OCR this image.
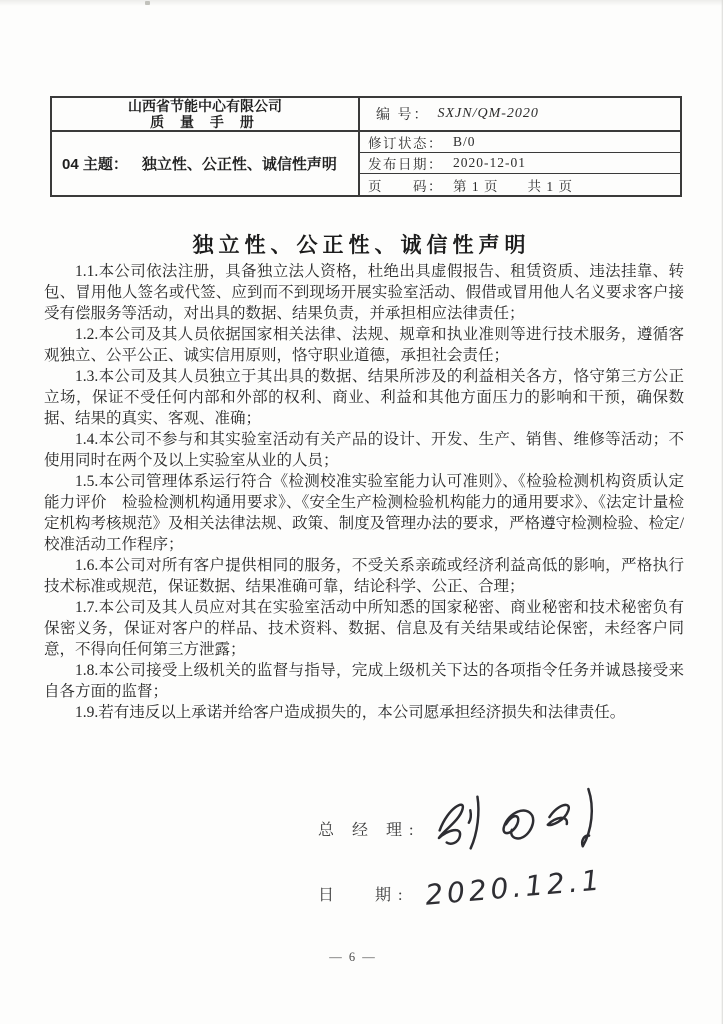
山西省节能中心有限公司
质 量 手 册
04 主题： 独立性、公正性、诚信性声明
编 号： SXJN/QM-2020
修订状态： B/0
发布日期： 2020-12-01
页　　码： 第 1 页　　共 1 页
独立性、公正性、诚信性声明

1.1.本公司依法注册，具备独立法人资格，杜绝出具虚假报告、租赁资质、违法挂靠、转包、冒用他人签名或代签、应到而不到现场开展实验室活动、假借或冒用他人名义要求客户接受有偿服务等活动，对出具的数据、结果负责，并承担相应法律责任；

1.2.本公司及其人员依据国家相关法律、法规、规章和执业准则等进行技术服务，遵循客观独立、公平公正、诚实信用原则，恪守职业道德，承担社会责任；

1.3.本公司及其人员独立于其出具的数据、结果所涉及的利益相关各方，恪守第三方公正立场，保证不受任何内部和外部的权利、商业、利益和其他方面压力的影响和干预，确保数据、结果的真实、客观、准确；

1.4.本公司不参与和其实验室活动有关产品的设计、开发、生产、销售、维修等活动；不使用同时在两个及以上实验室从业的人员；

1.5.本公司管理体系运行符合《检测校准实验室能力认可准则》、《检验检测机构资质认定能力评价　检验检测机构通用要求》、《安全生产检测检验机构能力的通用要求》、《法定计量检定机构考核规范》及相关法律法规、政策、制度及管理办法的要求，严格遵守检测检验、检定/校准活动工作程序；

1.6.本公司对所有客户提供相同的服务，不受关系亲疏或经济利益高低的影响，严格执行技术标准或规范，保证数据、结果准确可靠，结论科学、公正、合理；

1.7.本公司及其人员应对其在实验室活动中所知悉的国家秘密、商业秘密和技术秘密负有保密义务，保证对客户的样品、技术资料、数据、信息及有关结果或结论保密，未经客户同意，不得向任何第三方泄露；

1.8.本公司接受上级机关的监督与指导，完成上级机关下达的各项指令任务并诚恳接受来自各方面的监督；

1.9.若有违反以上承诺并给客户造成损失的，本公司愿承担经济损失和法律责任。

总 经 理:
日　 期: 2020.12.1
— 6 —
